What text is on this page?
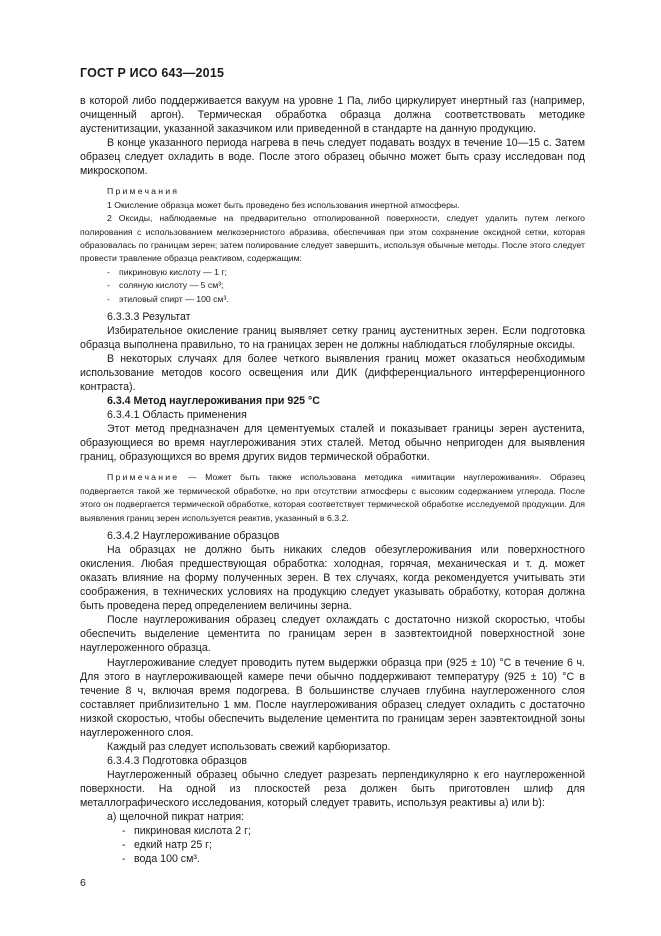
ГОСТ Р ИСО 643—2015

в которой либо поддерживается вакуум на уровне 1 Па, либо циркулирует инертный газ (например, очищенный аргон). Термическая обработка образца должна соответствовать методике аустенитизации, указанной заказчиком или приведенной в стандарте на данную продукцию.

В конце указанного периода нагрева в печь следует подавать воздух в течение 10—15 с. Затем образец следует охладить в воде. После этого образец обычно может быть сразу исследован под микроскопом.

Примечания

1 Окисление образца может быть проведено без использования инертной атмосферы.

2 Оксиды, наблюдаемые на предварительно отполированной поверхности, следует удалить путем легкого полирования с использованием мелкозернистого абразива, обеспечивая при этом сохранение оксидной сетки, которая образовалась по границам зерен; затем полирование следует завершить, используя обычные методы. После этого следует провести травление образца реактивом, содержащим:

-	пикриновую кислоту — 1 г;
-	соляную кислоту — 5 см³;
-	этиловый спирт — 100 см³.

6.3.3.3 Результат

Избирательное окисление границ выявляет сетку границ аустенитных зерен. Если подготовка образца выполнена правильно, то на границах зерен не должны наблюдаться глобулярные оксиды.

В некоторых случаях для более четкого выявления границ может оказаться необходимым использование методов косого освещения или ДИК (дифференциального интерференционного контраста).

6.3.4 Метод науглероживания при 925 °С

6.3.4.1 Область применения

Этот метод предназначен для цементуемых сталей и показывает границы зерен аустенита, образующиеся во время науглероживания этих сталей. Метод обычно непригоден для выявления границ, образующихся во время других видов термической обработки.

Примечание — Может быть также использована методика «имитации науглероживания». Образец подвергается такой же термической обработке, но при отсутствии атмосферы с высоким содержанием углерода. После этого он подвергается термической обработке, которая соответствует термической обработке исследуемой продукции. Для выявления границ зерен используется реактив, указанный в 6.3.2.

6.3.4.2 Науглероживание образцов

На образцах не должно быть никаких следов обезуглероживания или поверхностного окисления. Любая предшествующая обработка: холодная, горячая, механическая и т. д. может оказать влияние на форму полученных зерен. В тех случаях, когда рекомендуется учитывать эти соображения, в технических условиях на продукцию следует указывать обработку, которая должна быть проведена перед определением величины зерна.

После науглероживания образец следует охлаждать с достаточно низкой скоростью, чтобы обеспечить выделение цементита по границам зерен в заэвтектоидной поверхностной зоне науглероженного образца.

Науглероживание следует проводить путем выдержки образца при (925 ± 10) °С в течение 6 ч. Для этого в науглероживающей камере печи обычно поддерживают температуру (925 ± 10) °С в течение 8 ч, включая время подогрева. В большинстве случаев глубина науглероженного слоя составляет приблизительно 1 мм. После науглероживания образец следует охладить с достаточно низкой скоростью, чтобы обеспечить выделение цементита по границам зерен заэвтектоидной зоны науглероженного слоя.

Каждый раз следует использовать свежий карбюризатор.

6.3.4.3 Подготовка образцов

Науглероженный образец обычно следует разрезать перпендикулярно к его науглероженной поверхности. На одной из плоскостей реза должен быть приготовлен шлиф для металлографического исследования, который следует травить, используя реактивы а) или b):

а) щелочной пикрат натрия:

- пикриновая кислота 2 г;
- едкий натр 25 г;
- вода 100 см³.
6
